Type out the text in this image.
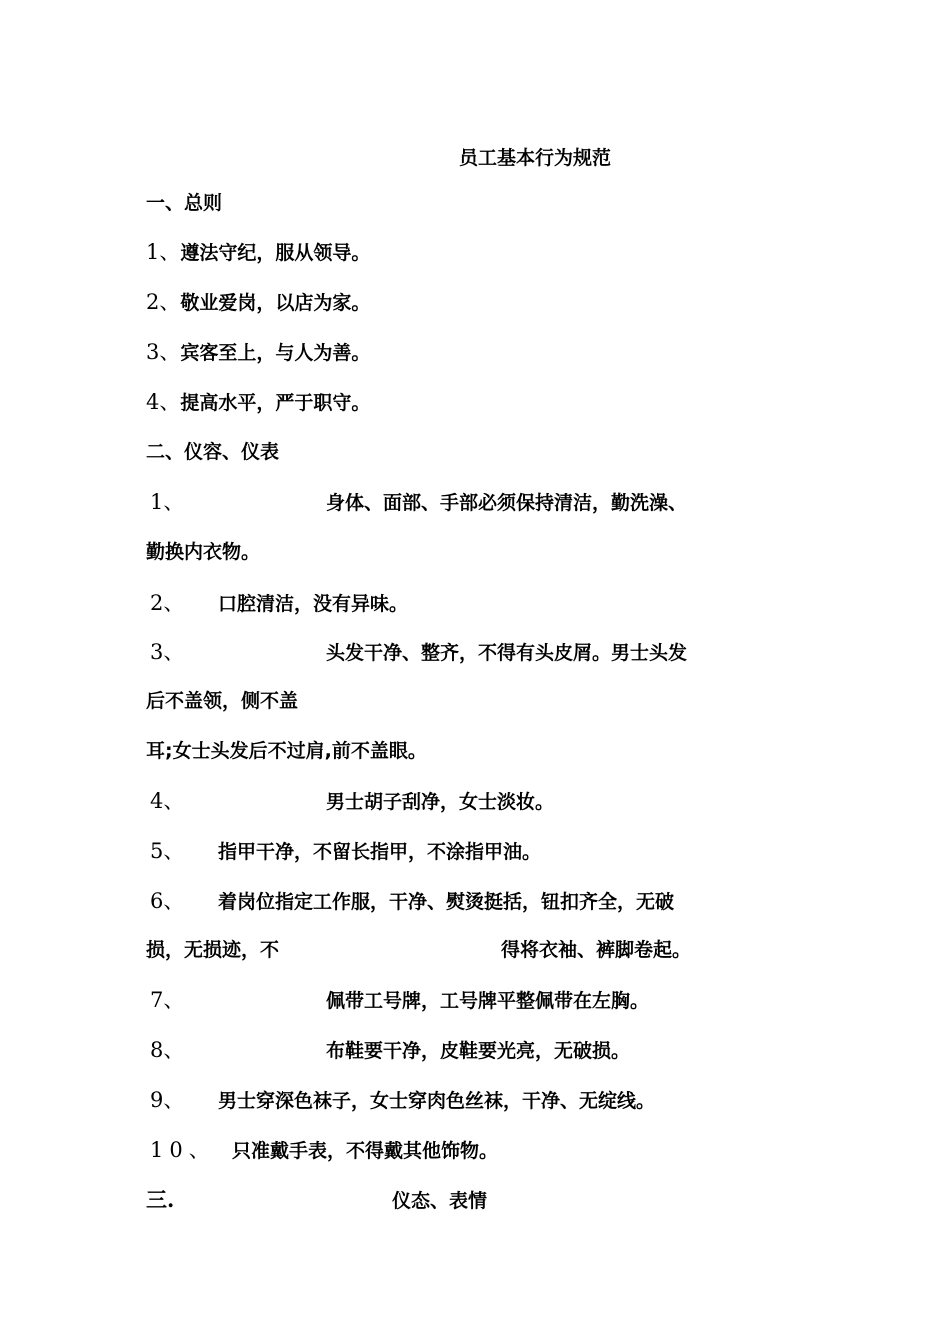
员工基本行为规范
一、总则
1、遵法守纪，服从领导。
2、敬业爱岗，以店为家。
3、宾客至上，与人为善。
4、提高水平，严于职守。
二、仪容、仪表
1、	身体、面部、手部必须保持清洁，勤洗澡、
勤换内衣物。
2、 口腔清洁，没有异味。
3、	头发干净、整齐，不得有头皮屑。男士头发
后不盖领，侧不盖
耳;女士头发后不过肩,前不盖眼。
4、	男士胡子刮净，女士淡妆。
5、 指甲干净，不留长指甲，不涂指甲油。
6、 着岗位指定工作服，干净、熨烫挺括，钮扣齐全，无破
损，无损迹，不	得将衣袖、裤脚卷起。
7、	佩带工号牌，工号牌平整佩带在左胸。
8、	布鞋要干净，皮鞋要光亮，无破损。
9、 男士穿深色袜子，女士穿肉色丝袜，干净、无绽线。
10、 只准戴手表，不得戴其他饰物。
三.	仪态、表情
